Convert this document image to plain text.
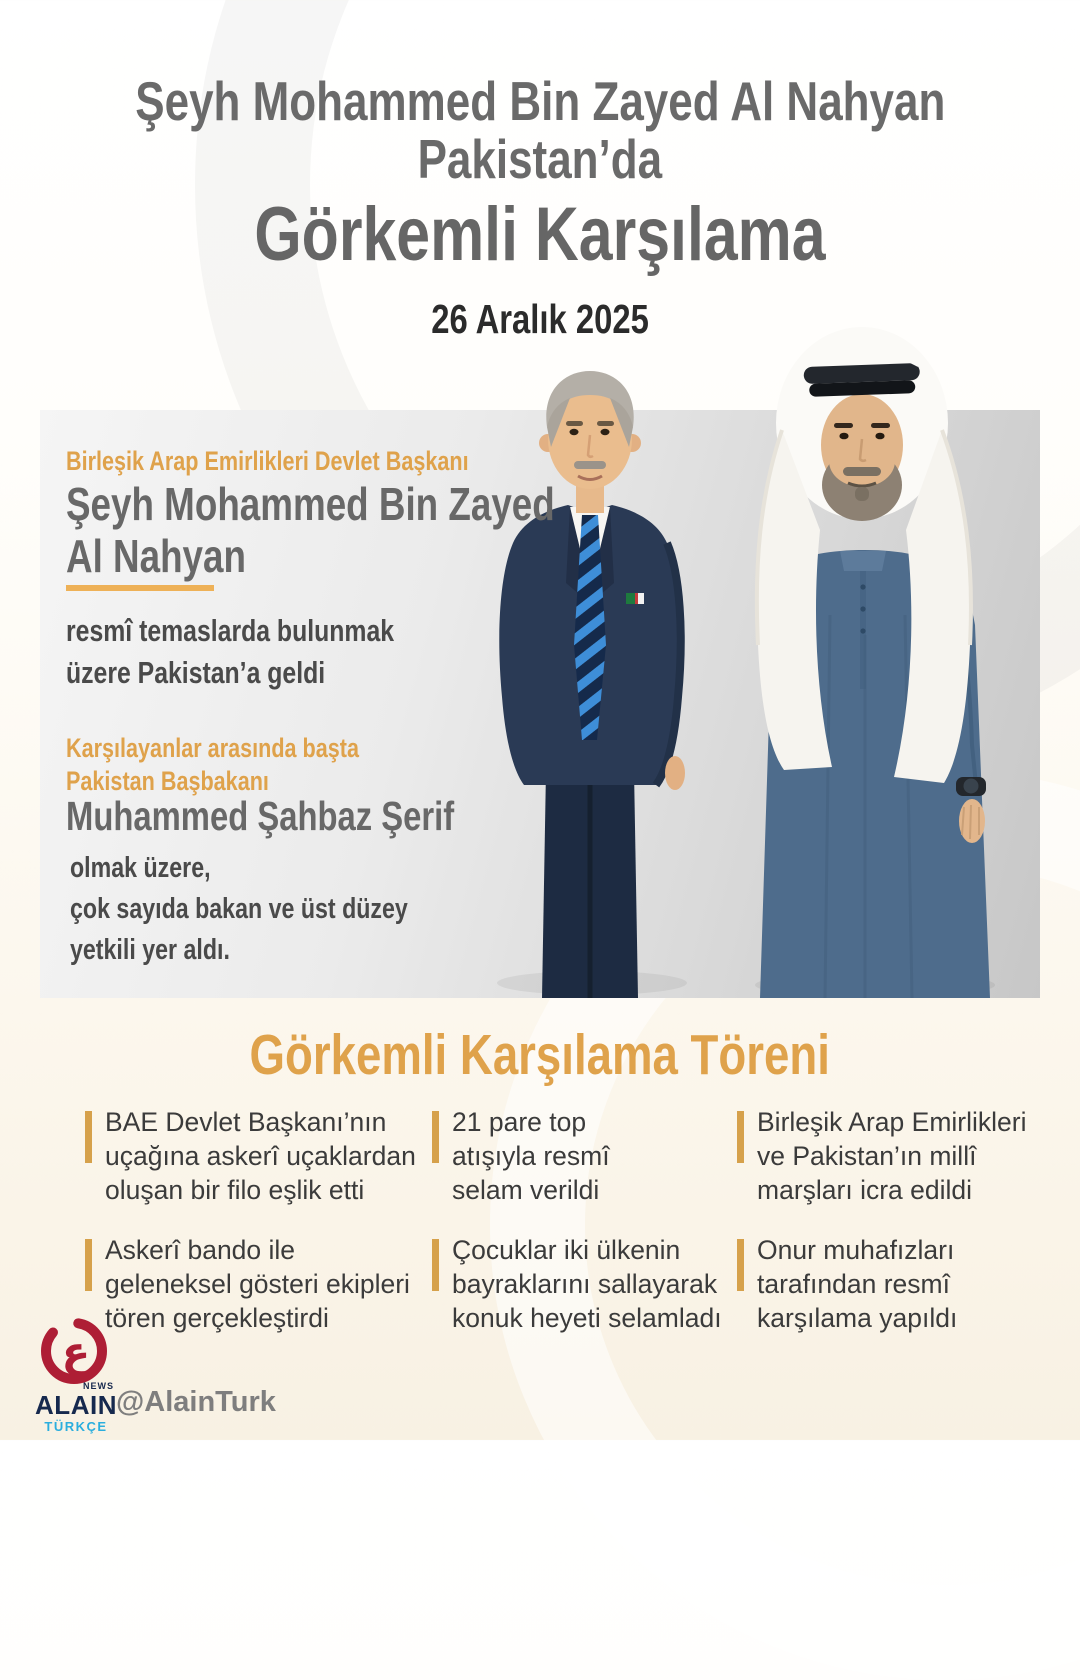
Şeyh Mohammed Bin Zayed Al Nahyan
Pakistan’da
Görkemli Karşılama
26 Aralık 2025
Birleşik Arap Emirlikleri Devlet Başkanı
Şeyh Mohammed Bin Zayed
Al Nahyan
resmî temaslarda bulunmak
üzere Pakistan’a geldi
Karşılayanlar arasında başta
Pakistan Başbakanı
Muhammed Şahbaz Şerif
olmak üzere,
çok sayıda bakan ve üst düzey
yetkili yer aldı.
Görkemli Karşılama Töreni
BAE Devlet Başkanı’nın
uçağına askerî uçaklardan
oluşan bir filo eşlik etti
21 pare top
atışıyla resmî
selam verildi
Birleşik Arap Emirlikleri
ve Pakistan’ın millî
marşları icra edildi
Askerî bando ile
geleneksel gösteri ekipleri
tören gerçekleştirdi
Çocuklar iki ülkenin
bayraklarını sallayarak
konuk heyeti selamladı
Onur muhafızları
tarafından resmî
karşılama yapıldı
ع
NEWS
ALAIN
TÜRKÇE
@AlainTurk
